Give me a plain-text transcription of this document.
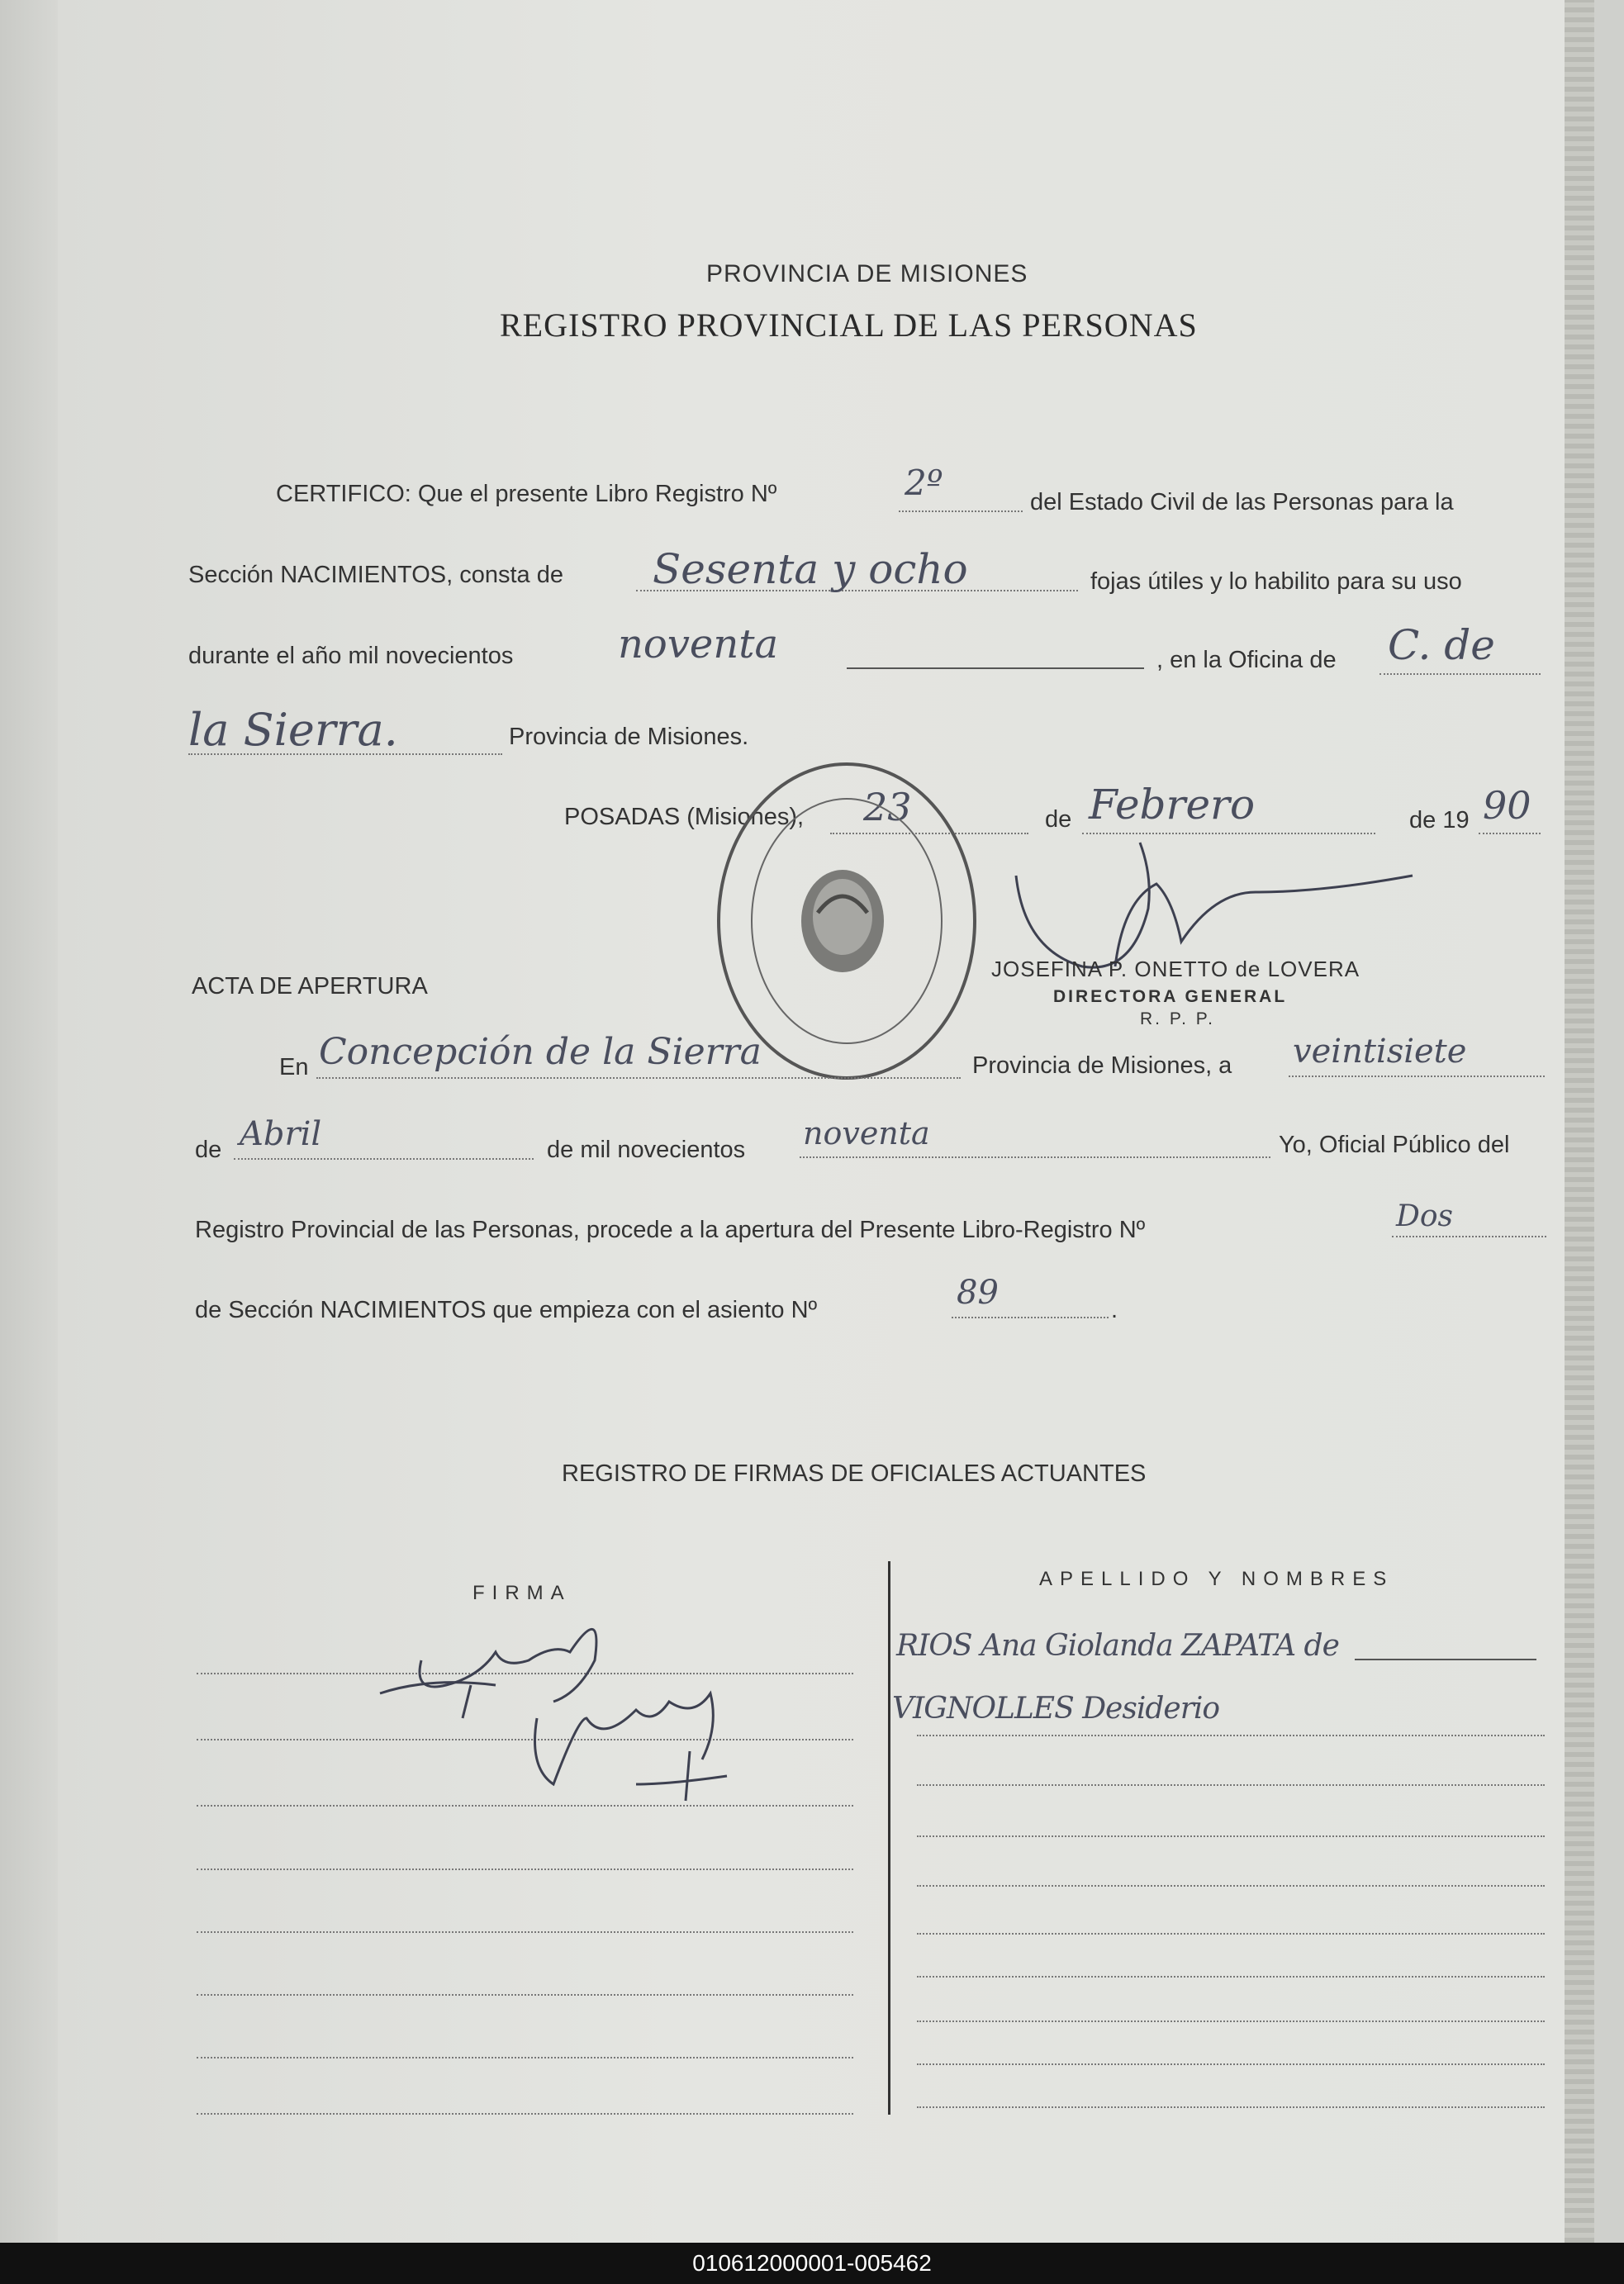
PROVINCIA DE MISIONES
REGISTRO PROVINCIAL DE LAS PERSONAS
CERTIFICO: Que el presente Libro Registro Nº	2º	del Estado Civil de las Personas para la
Sección NACIMIENTOS, consta de Sesenta y ocho	fojas útiles y lo habilito para su uso
durante el año mil novecientos	noventa	, en la Oficina de C. de
la Sierra.	Provincia de Misiones.
POSADAS (Misiones), 23	de Febrero	de 19 90
JOSEFINA P. ONETTO de LOVERA
DIRECTORA GENERAL
R. P. P.
ACTA DE APERTURA
En Concepción de la Sierra	Provincia de Misiones, a veintisiete
de Abril	de mil novecientos noventa	Yo, Oficial Público del
Registro Provincial de las Personas, procede a la apertura del Presente Libro-Registro Nº	Dos
de Sección NACIMIENTOS que empieza con el asiento Nº	89	.
REGISTRO DE FIRMAS DE OFICIALES ACTUANTES
FIRMA
APELLIDO Y NOMBRES
RIOS Ana Giolanda ZAPATA de
VIGNOLLES Desiderio
010612000001-005462
